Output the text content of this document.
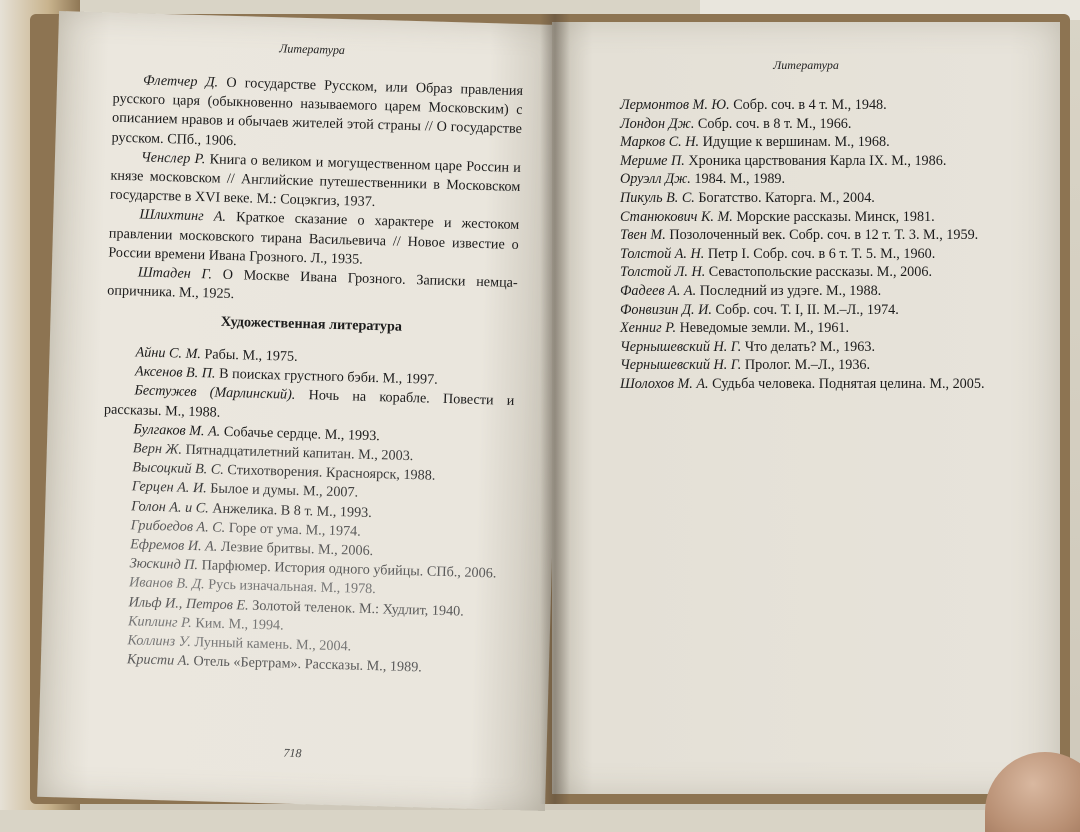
Литература
Флетчер Д. О государстве Русском, или Образ правления русского царя (обыкновенно называемого царем Московским) с описанием нравов и обычаев жителей этой страны // О государстве русском. СПб., 1906.
Ченслер Р. Книга о великом и могущественном царе Россин и князе московском // Английские путешественники в Московском государстве в XVI веке. М.: Соцэкгиз, 1937.
Шлихтинг А. Краткое сказание о характере и жестоком правлении московского тирана Васильевича // Новое известие о России времени Ивана Грозного. Л., 1935.
Штаден Г. О Москве Ивана Грозного. Записки немца-опричника. М., 1925.
Художественная литература
Айни С. М. Рабы. М., 1975.
Аксенов В. П. В поисках грустного бэби. М., 1997.
Бестужев (Марлинский). Ночь на корабле. Повести и рассказы. М., 1988.
Булгаков М. А. Собачье сердце. М., 1993.
Верн Ж. Пятнадцатилетний капитан. М., 2003.
Высоцкий В. С. Стихотворения. Красноярск, 1988.
Герцен А. И. Былое и думы. М., 2007.
Голон А. и С. Анжелика. В 8 т. М., 1993.
Грибоедов А. С. Горе от ума. М., 1974.
Ефремов И. А. Лезвие бритвы. М., 2006.
Зюскинд П. Парфюмер. История одного убийцы. СПб., 2006.
Иванов В. Д. Русь изначальная. М., 1978.
Ильф И., Петров Е. Золотой теленок. М.: Худлит, 1940.
Киплинг Р. Ким. М., 1994.
Коллинз У. Лунный камень. М., 2004.
Кристи А. Отель «Бертрам». Рассказы. М., 1989.
718
Литература
Лермонтов М. Ю. Собр. соч. в 4 т. М., 1948.
Лондон Дж. Собр. соч. в 8 т. М., 1966.
Марков С. Н. Идущие к вершинам. М., 1968.
Мериме П. Хроника царствования Карла IX. М., 1986.
Оруэлл Дж. 1984. М., 1989.
Пикуль В. С. Богатство. Каторга. М., 2004.
Станюкович К. М. Морские рассказы. Минск, 1981.
Твен М. Позолоченный век. Собр. соч. в 12 т. Т. 3. М., 1959.
Толстой А. Н. Петр I. Собр. соч. в 6 т. Т. 5. М., 1960.
Толстой Л. Н. Севастопольские рассказы. М., 2006.
Фадеев А. А. Последний из удэге. М., 1988.
Фонвизин Д. И. Собр. соч. Т. I, II. М.–Л., 1974.
Хенниг Р. Неведомые земли. М., 1961.
Чернышевский Н. Г. Что делать? М., 1963.
Чернышевский Н. Г. Пролог. М.–Л., 1936.
Шолохов М. А. Судьба человека. Поднятая целина. М., 2005.
